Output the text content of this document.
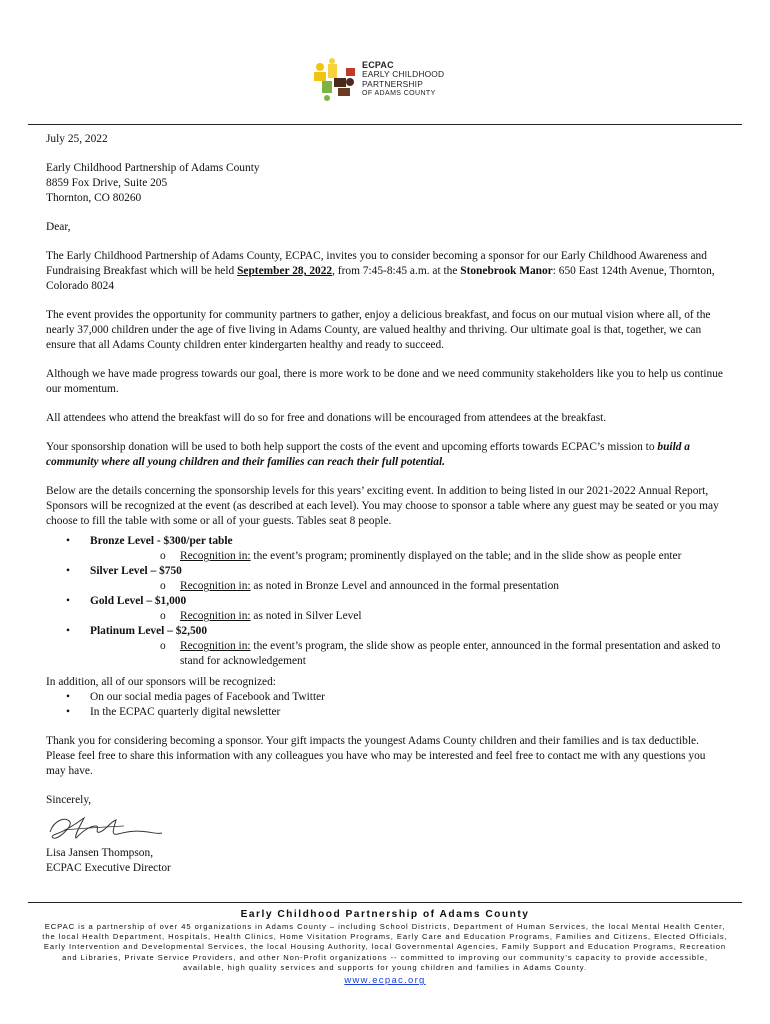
ECPAC
EARLY CHILDHOOD
PARTNERSHIP
OF ADAMS COUNTY

July 25, 2022

Early Childhood Partnership of Adams County
8859 Fox Drive, Suite 205
Thornton, CO 80260

Dear,

The Early Childhood Partnership of Adams County, ECPAC, invites you to consider becoming a sponsor for our Early Childhood Awareness and Fundraising Breakfast which will be held September 28, 2022, from 7:45-8:45 a.m. at the Stonebrook Manor: 650 East 124th Avenue, Thornton, Colorado 8024

The event provides the opportunity for community partners to gather, enjoy a delicious breakfast, and focus on our mutual vision where all, of the nearly 37,000 children under the age of five living in Adams County, are valued healthy and thriving. Our ultimate goal is that, together, we can ensure that all Adams County children enter kindergarten healthy and ready to succeed.

Although we have made progress towards our goal, there is more work to be done and we need community stakeholders like you to help us continue our momentum.

All attendees who attend the breakfast will do so for free and donations will be encouraged from attendees at the breakfast.

Your sponsorship donation will be used to both help support the costs of the event and upcoming efforts towards ECPAC’s mission to build a community where all young children and their families can reach their full potential.

Below are the details concerning the sponsorship levels for this years’ exciting event. In addition to being listed in our 2021-2022 Annual Report, Sponsors will be recognized at the event (as described at each level). You may choose to sponsor a table where any guest may be seated or you may choose to fill the table with some or all of your guests. Tables seat 8 people.

• Bronze Level - $300/per table
o Recognition in: the event’s program; prominently displayed on the table; and in the slide show as people enter
• Silver Level – $750
o Recognition in: as noted in Bronze Level and announced in the formal presentation
• Gold Level – $1,000
o Recognition in: as noted in Silver Level
• Platinum Level – $2,500
o Recognition in: the event’s program, the slide show as people enter, announced in the formal presentation and asked to stand for acknowledgement
In addition, all of our sponsors will be recognized:
• On our social media pages of Facebook and Twitter
• In the ECPAC quarterly digital newsletter

Thank you for considering becoming a sponsor. Your gift impacts the youngest Adams County children and their families and is tax deductible. Please feel free to share this information with any colleagues you have who may be interested and feel free to contact me with any questions you may have.

Sincerely,
Lisa Jansen Thompson,
ECPAC Executive Director
Early Childhood Partnership of Adams County
ECPAC is a partnership of over 45 organizations in Adams County – including School Districts, Department of Human Services, the local Mental Health Center, the local Health Department, Hospitals, Health Clinics, Home Visitation Programs, Early Care and Education Programs, Families and Citizens, Elected Officials, Early Intervention and Developmental Services, the local Housing Authority, local Governmental Agencies, Family Support and Education Programs, Recreation and Libraries, Private Service Providers, and other Non-Profit organizations -- committed to improving our community’s capacity to provide accessible, available, high quality services and supports for young children and families in Adams County.
www.ecpac.org
